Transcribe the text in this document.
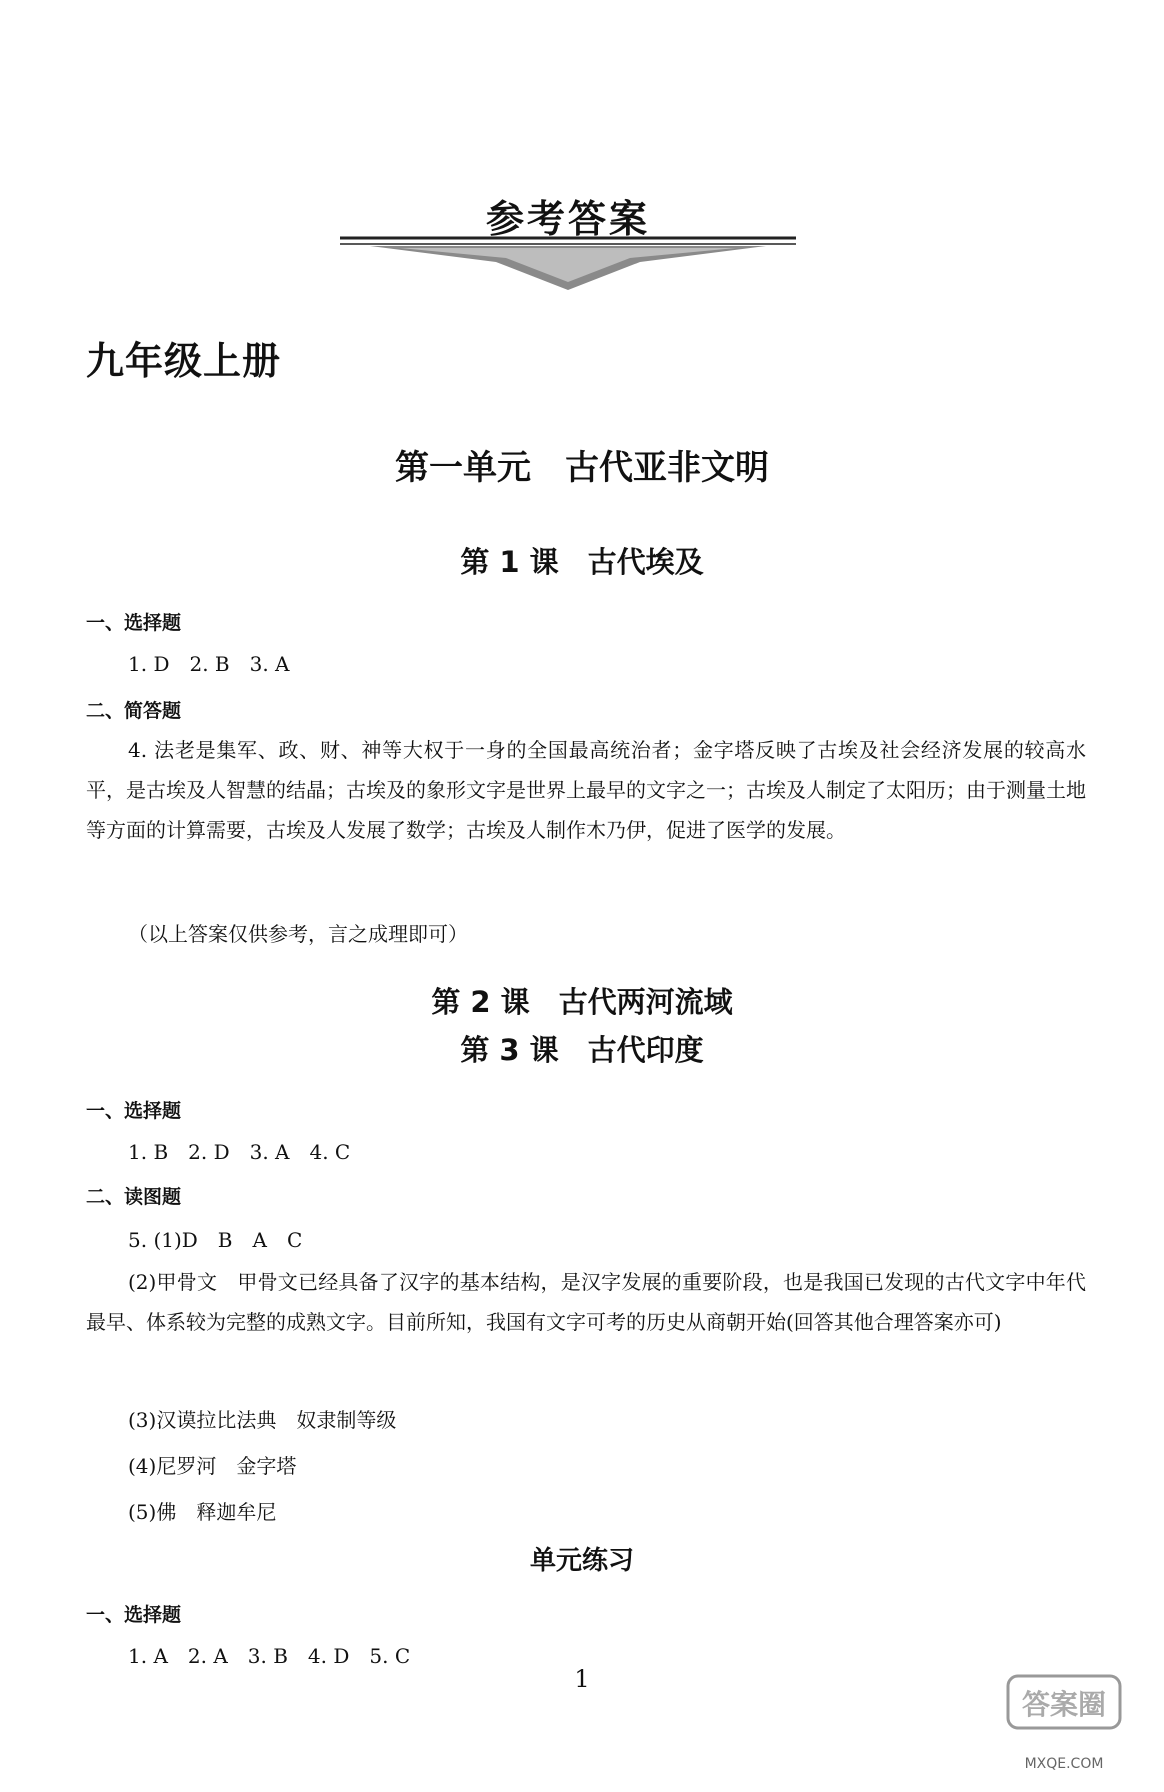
参考答案
九年级上册
第一单元　古代亚非文明
第 1 课　古代埃及
一、选择题
1. D　2. B　3. A
二、简答题
4. 法老是集军、政、财、神等大权于一身的全国最高统治者；金字塔反映了古埃及社会经济发展的较高水平，是古埃及人智慧的结晶；古埃及的象形文字是世界上最早的文字之一；古埃及人制定了太阳历；由于测量土地等方面的计算需要，古埃及人发展了数学；古埃及人制作木乃伊，促进了医学的发展。
（以上答案仅供参考，言之成理即可）
第 2 课　古代两河流域
第 3 课　古代印度
一、选择题
1. B　2. D　3. A　4. C
二、读图题
5. (1)D　B　A　C
(2)甲骨文　甲骨文已经具备了汉字的基本结构，是汉字发展的重要阶段，也是我国已发现的古代文字中年代最早、体系较为完整的成熟文字。目前所知，我国有文字可考的历史从商朝开始(回答其他合理答案亦可)
(3)汉谟拉比法典　奴隶制等级
(4)尼罗河　金字塔
(5)佛　释迦牟尼
单元练习
一、选择题
1. A　2. A　3. B　4. D　5. C
1
答案圈
MXQE.COM
